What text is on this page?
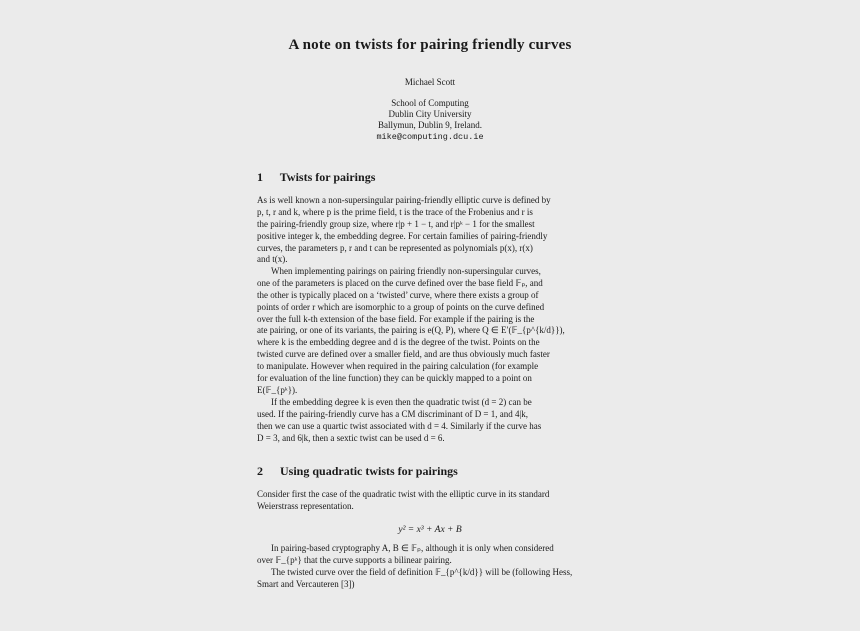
A note on twists for pairing friendly curves
Michael Scott
School of Computing
Dublin City University
Ballymun, Dublin 9, Ireland.
mike@computing.dcu.ie
1 Twists for pairings
As is well known a non-supersingular pairing-friendly elliptic curve is defined by
p, t, r and k, where p is the prime field, t is the trace of the Frobenius and r is
the pairing-friendly group size, where r|p + 1 − t, and r|pᵏ − 1 for the smallest
positive integer k, the embedding degree. For certain families of pairing-friendly
curves, the parameters p, r and t can be represented as polynomials p(x), r(x)
and t(x).
When implementing pairings on pairing friendly non-supersingular curves,
one of the parameters is placed on the curve defined over the base field 𝔽ₚ, and
the other is typically placed on a ‘twisted’ curve, where there exists a group of
points of order r which are isomorphic to a group of points on the curve defined
over the full k-th extension of the base field. For example if the pairing is the
ate pairing, or one of its variants, the pairing is e(Q, P), where Q ∈ E′(𝔽_{p^{k/d}}),
where k is the embedding degree and d is the degree of the twist. Points on the
twisted curve are defined over a smaller field, and are thus obviously much faster
to manipulate. However when required in the pairing calculation (for example
for evaluation of the line function) they can be quickly mapped to a point on
E(𝔽_{pᵏ}).
If the embedding degree k is even then the quadratic twist (d = 2) can be
used. If the pairing-friendly curve has a CM discriminant of D = 1, and 4|k,
then we can use a quartic twist associated with d = 4. Similarly if the curve has
D = 3, and 6|k, then a sextic twist can be used d = 6.
2 Using quadratic twists for pairings
Consider first the case of the quadratic twist with the elliptic curve in its standard
Weierstrass representation.
y² = x³ + Ax + B
In pairing-based cryptography A, B ∈ 𝔽ₚ, although it is only when considered
over 𝔽_{pᵏ} that the curve supports a bilinear pairing.
The twisted curve over the field of definition 𝔽_{p^{k/d}} will be (following Hess,
Smart and Vercauteren [3])
